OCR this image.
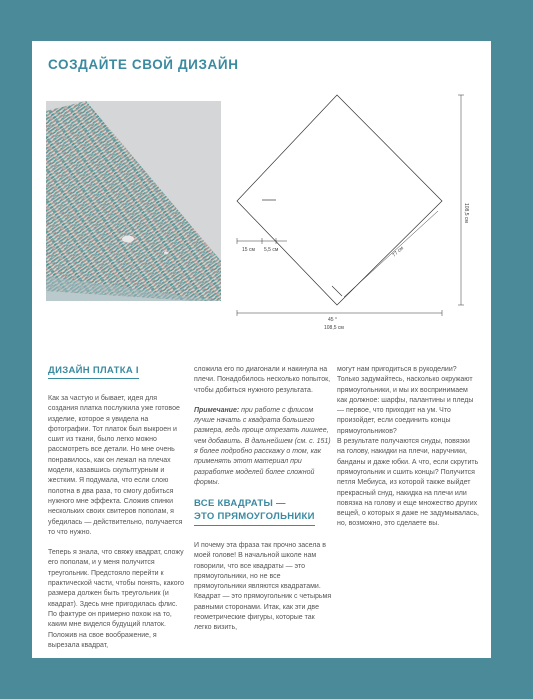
СОЗДАЙТЕ СВОЙ ДИЗАЙН
108,5 см
77 см
15 см 5,5 см
45 °
108,5 см
ДИЗАЙН ПЛАТКА I

Как за частую и бывает, идея для создания платка послужила уже готовое изделие, которое я увидела на фотографии. Тот платок был выкроен и сшит из ткани, было легко можно рассмотреть все детали. Но мне очень понравилось, как он лежал на плечах модели, казавшись скульптурным и жестким. Я подумала, что если слою полотна в два раза, то смогу добиться нужного мне эффекта. Сложив спинки нескольких своих свитеров пополам, я убедилась — действительно, получается то что нужно.

Теперь я знала, что свяжу квадрат, сложу его пополам, и у меня получится треугольник. Предстояло перейти к практической части, чтобы понять, какого размера должен быть треугольник (и квадрат). Здесь мне пригодилась флис. По фактуре он примерно похож на то, каким мне виделся будущий платок. Положив на свое воображение, я вырезала квадрат,

сложила его по диагонали и накинула на плечи. Понадобилось несколько попыток, чтобы добиться нужного результата.

Примечание: при работе с флисом лучше начать с квадрата большего размера, ведь проще отрезать лишнее, чем добавить. В дальнейшем (см. с. 151) я более подробно расскажу о том, как применять этот материал при разработке моделей более сложной формы.

ВСЕ КВАДРАТЫ —
ЭТО ПРЯМОУГОЛЬНИКИ

И почему эта фраза так прочно засела в моей голове! В начальной школе нам говорили, что все квадраты — это прямоугольники, но не все прямоугольники являются квадратами. Квадрат — это прямоугольник с четырьмя равными сторонами. Итак, как эти две геометрические фигуры, которые так легко визить,

могут нам пригодиться в рукоделии? Только задумайтесь, насколько окружают прямоугольники, и мы их воспринимаем как должное: шарфы, палантины и пледы — первое, что приходит на ум. Что произойдет, если соединить концы прямоугольников?

В результате получаются снуды, повязки на голову, накидки на плечи, наручники, банданы и даже юбки. А что, если скрутить прямоугольник и сшить концы? Получится петля Мебиуса, из которой также выйдет прекрасный снуд, накидка на плечи или повязка на голову и еще множество других вещей, о которых я даже не задумывалась, но, возможно, это сделаете вы.
